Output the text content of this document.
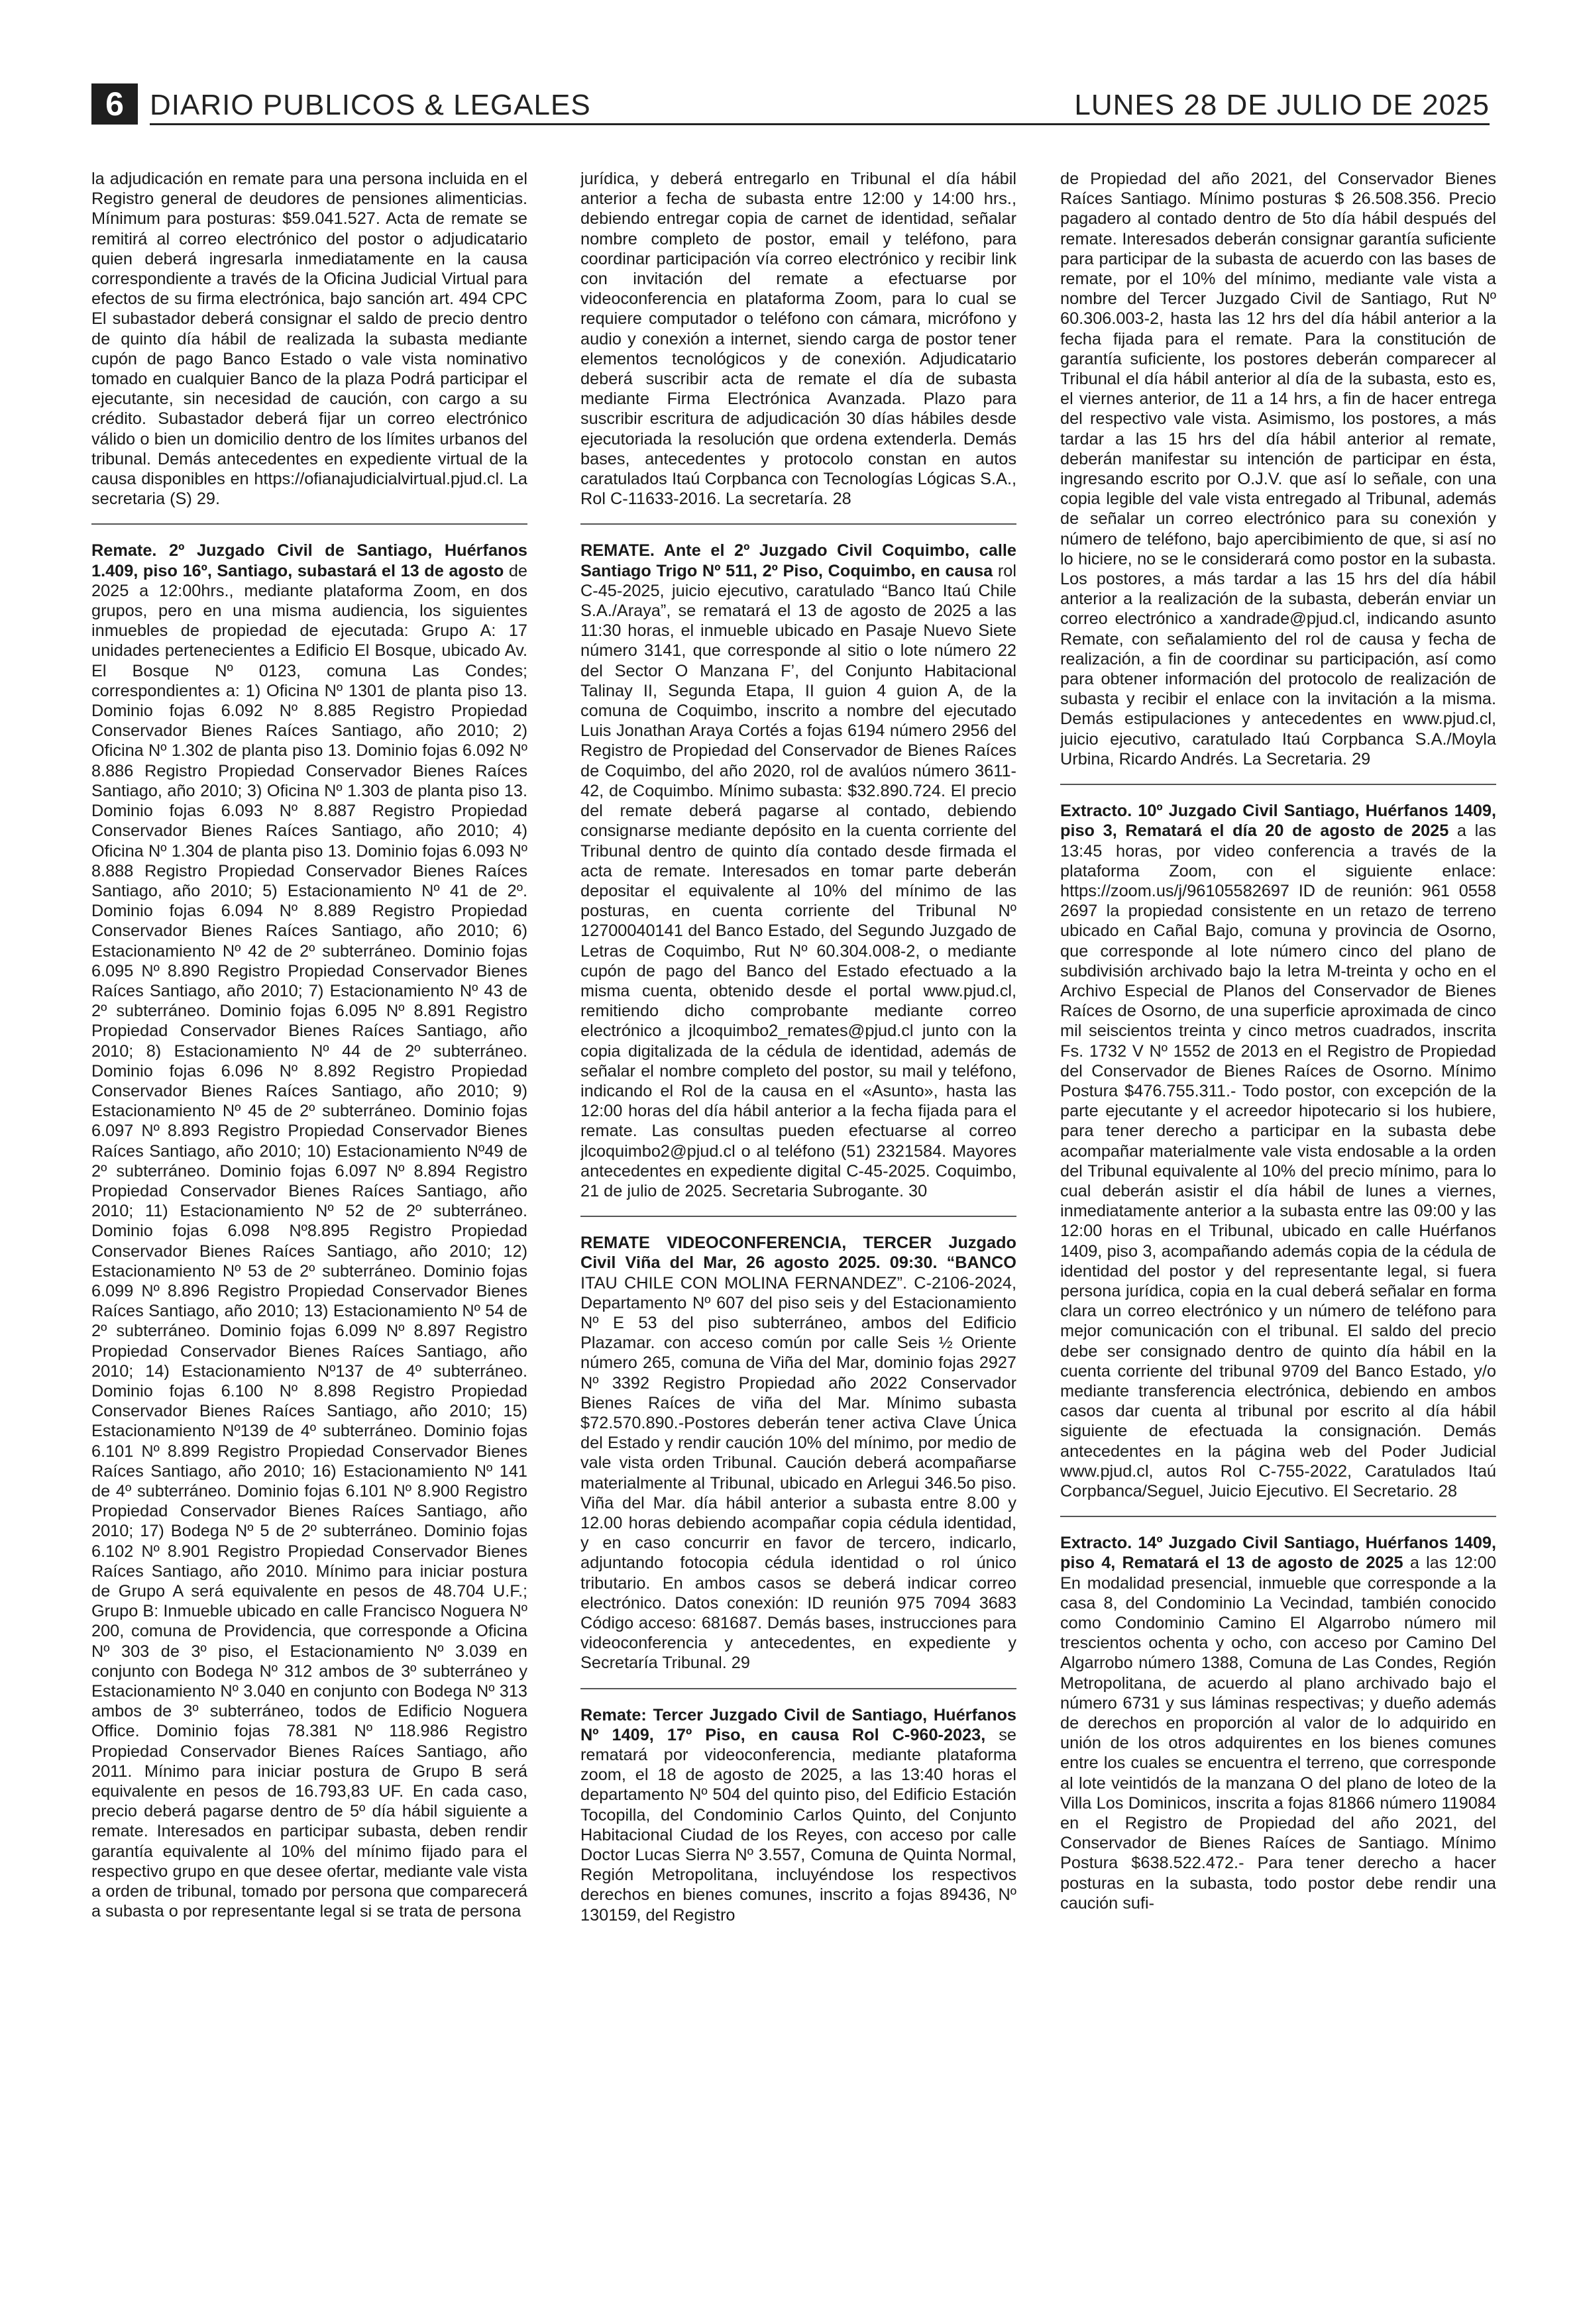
6 DIARIO PUBLICOS & LEGALES	LUNES 28 DE JULIO DE 2025

la adjudicación en remate para una persona incluida en el Registro general de deudores de pensiones alimenticias. Mínimum para posturas: $59.041.527. Acta de remate se remitirá al correo electrónico del postor o adjudicatario quien deberá ingresarla inmediatamente en la causa correspondiente a través de la Oficina Judicial Virtual para efectos de su firma electrónica, bajo sanción art. 494 CPC El subastador deberá consignar el saldo de precio dentro de quinto día hábil de realizada la subasta mediante cupón de pago Banco Estado o vale vista nominativo tomado en cualquier Banco de la plaza Podrá participar el ejecutante, sin necesidad de caución, con cargo a su crédito. Subastador deberá fijar un correo electrónico válido o bien un domicilio dentro de los límites urbanos del tribunal. Demás antecedentes en expediente virtual de la causa disponibles en https://ofianajudicialvirtual.pjud.cl. La secretaria (S) 29.

Remate. 2º Juzgado Civil de Santiago, Huérfanos 1.409, piso 16º, Santiago, subastará el 13 de agosto de 2025 a 12:00hrs., mediante plataforma Zoom, en dos grupos, pero en una misma audiencia, los siguientes inmuebles de propiedad de ejecutada: Grupo A: 17 unidades pertenecientes a Edificio El Bosque, ubicado Av. El Bosque Nº 0123, comuna Las Condes; correspondientes a: 1) Oficina Nº 1301 de planta piso 13. Dominio fojas 6.092 Nº 8.885 Registro Propiedad Conservador Bienes Raíces Santiago, año 2010; 2) Oficina Nº 1.302 de planta piso 13. Dominio fojas 6.092 Nº 8.886 Registro Propiedad Conservador Bienes Raíces Santiago, año 2010; 3) Oficina Nº 1.303 de planta piso 13. Dominio fojas 6.093 Nº 8.887 Registro Propiedad Conservador Bienes Raíces Santiago, año 2010; 4) Oficina Nº 1.304 de planta piso 13. Dominio fojas 6.093 Nº 8.888 Registro Propiedad Conservador Bienes Raíces Santiago, año 2010; 5) Estacionamiento Nº 41 de 2º. Dominio fojas 6.094 Nº 8.889 Registro Propiedad Conservador Bienes Raíces Santiago, año 2010; 6) Estacionamiento Nº 42 de 2º subterráneo. Dominio fojas 6.095 Nº 8.890 Registro Propiedad Conservador Bienes Raíces Santiago, año 2010; 7) Estacionamiento Nº 43 de 2º subterráneo. Dominio fojas 6.095 Nº 8.891 Registro Propiedad Conservador Bienes Raíces Santiago, año 2010; 8) Estacionamiento Nº 44 de 2º subterráneo. Dominio fojas 6.096 Nº 8.892 Registro Propiedad Conservador Bienes Raíces Santiago, año 2010; 9) Estacionamiento Nº 45 de 2º subterráneo. Dominio fojas 6.097 Nº 8.893 Registro Propiedad Conservador Bienes Raíces Santiago, año 2010; 10) Estacionamiento Nº49 de 2º subterráneo. Dominio fojas 6.097 Nº 8.894 Registro Propiedad Conservador Bienes Raíces Santiago, año 2010; 11) Estacionamiento Nº 52 de 2º subterráneo. Dominio fojas 6.098 Nº8.895 Registro Propiedad Conservador Bienes Raíces Santiago, año 2010; 12) Estacionamiento Nº 53 de 2º subterráneo. Dominio fojas 6.099 Nº 8.896 Registro Propiedad Conservador Bienes Raíces Santiago, año 2010; 13) Estacionamiento Nº 54 de 2º subterráneo. Dominio fojas 6.099 Nº 8.897 Registro Propiedad Conservador Bienes Raíces Santiago, año 2010; 14) Estacionamiento Nº137 de 4º subterráneo. Dominio fojas 6.100 Nº 8.898 Registro Propiedad Conservador Bienes Raíces Santiago, año 2010; 15) Estacionamiento Nº139 de 4º subterráneo. Dominio fojas 6.101 Nº 8.899 Registro Propiedad Conservador Bienes Raíces Santiago, año 2010; 16) Estacionamiento Nº 141 de 4º subterráneo. Dominio fojas 6.101 Nº 8.900 Registro Propiedad Conservador Bienes Raíces Santiago, año 2010; 17) Bodega Nº 5 de 2º subterráneo. Dominio fojas 6.102 Nº 8.901 Registro Propiedad Conservador Bienes Raíces Santiago, año 2010. Mínimo para iniciar postura de Grupo A será equivalente en pesos de 48.704 U.F.; Grupo B: Inmueble ubicado en calle Francisco Noguera Nº 200, comuna de Providencia, que corresponde a Oficina Nº 303 de 3º piso, el Estacionamiento Nº 3.039 en conjunto con Bodega Nº 312 ambos de 3º subterráneo y Estacionamiento Nº 3.040 en conjunto con Bodega Nº 313 ambos de 3º subterráneo, todos de Edificio Noguera Office. Dominio fojas 78.381 Nº 118.986 Registro Propiedad Conservador Bienes Raíces Santiago, año 2011. Mínimo para iniciar postura de Grupo B será equivalente en pesos de 16.793,83 UF. En cada caso, precio deberá pagarse dentro de 5º día hábil siguiente a remate. Interesados en participar subasta, deben rendir garantía equivalente al 10% del mínimo fijado para el respectivo grupo en que desee ofertar, mediante vale vista a orden de tribunal, tomado por persona que comparecerá a subasta o por representante legal si se trata de persona

jurídica, y deberá entregarlo en Tribunal el día hábil anterior a fecha de subasta entre 12:00 y 14:00 hrs., debiendo entregar copia de carnet de identidad, señalar nombre completo de postor, email y teléfono, para coordinar participación vía correo electrónico y recibir link con invitación del remate a efectuarse por videoconferencia en plataforma Zoom, para lo cual se requiere computador o teléfono con cámara, micrófono y audio y conexión a internet, siendo carga de postor tener elementos tecnológicos y de conexión. Adjudicatario deberá suscribir acta de remate el día de subasta mediante Firma Electrónica Avanzada. Plazo para suscribir escritura de adjudicación 30 días hábiles desde ejecutoriada la resolución que ordena extenderla. Demás bases, antecedentes y protocolo constan en autos caratulados Itaú Corpbanca con Tecnologías Lógicas S.A., Rol C-11633-2016. La secretaría. 28

REMATE. Ante el 2º Juzgado Civil Coquimbo, calle Santiago Trigo Nº 511, 2º Piso, Coquimbo, en causa rol C-45-2025, juicio ejecutivo, caratulado “Banco Itaú Chile S.A./Araya”, se rematará el 13 de agosto de 2025 a las 11:30 horas, el inmueble ubicado en Pasaje Nuevo Siete número 3141, que corresponde al sitio o lote número 22 del Sector O Manzana F’, del Conjunto Habitacional Talinay II, Segunda Etapa, II guion 4 guion A, de la comuna de Coquimbo, inscrito a nombre del ejecutado Luis Jonathan Araya Cortés a fojas 6194 número 2956 del Registro de Propiedad del Conservador de Bienes Raíces de Coquimbo, del año 2020, rol de avalúos número 3611-42, de Coquimbo. Mínimo subasta: $32.890.724. El precio del remate deberá pagarse al contado, debiendo consignarse mediante depósito en la cuenta corriente del Tribunal dentro de quinto día contado desde firmada el acta de remate. Interesados en tomar parte deberán depositar el equivalente al 10% del mínimo de las posturas, en cuenta corriente del Tribunal Nº 12700040141 del Banco Estado, del Segundo Juzgado de Letras de Coquimbo, Rut Nº 60.304.008-2, o mediante cupón de pago del Banco del Estado efectuado a la misma cuenta, obtenido desde el portal www.pjud.cl, remitiendo dicho comprobante mediante correo electrónico a jlcoquimbo2_remates@pjud.cl junto con la copia digitalizada de la cédula de identidad, además de señalar el nombre completo del postor, su mail y teléfono, indicando el Rol de la causa en el «Asunto», hasta las 12:00 horas del día hábil anterior a la fecha fijada para el remate. Las consultas pueden efectuarse al correo jlcoquimbo2@pjud.cl o al teléfono (51) 2321584. Mayores antecedentes en expediente digital C-45-2025. Coquimbo, 21 de julio de 2025. Secretaria Subrogante. 30

REMATE VIDEOCONFERENCIA, TERCER Juzgado Civil Viña del Mar, 26 agosto 2025. 09:30. “BANCO ITAU CHILE CON MOLINA FERNANDEZ”. C-2106-2024, Departamento Nº 607 del piso seis y del Estacionamiento Nº E 53 del piso subterráneo, ambos del Edificio Plazamar. con acceso común por calle Seis ½ Oriente número 265, comuna de Viña del Mar, dominio fojas 2927 Nº 3392 Registro Propiedad año 2022 Conservador Bienes Raíces de viña del Mar. Mínimo subasta $72.570.890.-Postores deberán tener activa Clave Única del Estado y rendir caución 10% del mínimo, por medio de vale vista orden Tribunal. Caución deberá acompañarse materialmente al Tribunal, ubicado en Arlegui 346.5o piso. Viña del Mar. día hábil anterior a subasta entre 8.00 y 12.00 horas debiendo acompañar copia cédula identidad, y en caso concurrir en favor de tercero, indicarlo, adjuntando fotocopia cédula identidad o rol único tributario. En ambos casos se deberá indicar correo electrónico. Datos conexión: ID reunión 975 7094 3683 Código acceso: 681687. Demás bases, instrucciones para videoconferencia y antecedentes, en expediente y Secretaría Tribunal. 29

Remate: Tercer Juzgado Civil de Santiago, Huérfanos Nº 1409, 17º Piso, en causa Rol C-960-2023, se rematará por videoconferencia, mediante plataforma zoom, el 18 de agosto de 2025, a las 13:40 horas el departamento Nº 504 del quinto piso, del Edificio Estación Tocopilla, del Condominio Carlos Quinto, del Conjunto Habitacional Ciudad de los Reyes, con acceso por calle Doctor Lucas Sierra Nº 3.557, Comuna de Quinta Normal, Región Metropolitana, incluyéndose los respectivos derechos en bienes comunes, inscrito a fojas 89436, Nº 130159, del Registro

de Propiedad del año 2021, del Conservador Bienes Raíces Santiago. Mínimo posturas $ 26.508.356. Precio pagadero al contado dentro de 5to día hábil después del remate. Interesados deberán consignar garantía suficiente para participar de la subasta de acuerdo con las bases de remate, por el 10% del mínimo, mediante vale vista a nombre del Tercer Juzgado Civil de Santiago, Rut Nº 60.306.003-2, hasta las 12 hrs del día hábil anterior a la fecha fijada para el remate. Para la constitución de garantía suficiente, los postores deberán comparecer al Tribunal el día hábil anterior al día de la subasta, esto es, el viernes anterior, de 11 a 14 hrs, a fin de hacer entrega del respectivo vale vista. Asimismo, los postores, a más tardar a las 15 hrs del día hábil anterior al remate, deberán manifestar su intención de participar en ésta, ingresando escrito por O.J.V. que así lo señale, con una copia legible del vale vista entregado al Tribunal, además de señalar un correo electrónico para su conexión y número de teléfono, bajo apercibimiento de que, si así no lo hiciere, no se le considerará como postor en la subasta. Los postores, a más tardar a las 15 hrs del día hábil anterior a la realización de la subasta, deberán enviar un correo electrónico a xandrade@pjud.cl, indicando asunto Remate, con señalamiento del rol de causa y fecha de realización, a fin de coordinar su participación, así como para obtener información del protocolo de realización de subasta y recibir el enlace con la invitación a la misma. Demás estipulaciones y antecedentes en www.pjud.cl, juicio ejecutivo, caratulado Itaú Corpbanca S.A./Moyla Urbina, Ricardo Andrés. La Secretaria. 29

Extracto. 10º Juzgado Civil Santiago, Huérfanos 1409, piso 3, Rematará el día 20 de agosto de 2025 a las 13:45 horas, por video conferencia a través de la plataforma Zoom, con el siguiente enlace: https://zoom.us/j/96105582697 ID de reunión: 961 0558 2697 la propiedad consistente en un retazo de terreno ubicado en Cañal Bajo, comuna y provincia de Osorno, que corresponde al lote número cinco del plano de subdivisión archivado bajo la letra M-treinta y ocho en el Archivo Especial de Planos del Conservador de Bienes Raíces de Osorno, de una superficie aproximada de cinco mil seiscientos treinta y cinco metros cuadrados, inscrita Fs. 1732 V Nº 1552 de 2013 en el Registro de Propiedad del Conservador de Bienes Raíces de Osorno. Mínimo Postura $476.755.311.- Todo postor, con excepción de la parte ejecutante y el acreedor hipotecario si los hubiere, para tener derecho a participar en la subasta debe acompañar materialmente vale vista endosable a la orden del Tribunal equivalente al 10% del precio mínimo, para lo cual deberán asistir el día hábil de lunes a viernes, inmediatamente anterior a la subasta entre las 09:00 y las 12:00 horas en el Tribunal, ubicado en calle Huérfanos 1409, piso 3, acompañando además copia de la cédula de identidad del postor y del representante legal, si fuera persona jurídica, copia en la cual deberá señalar en forma clara un correo electrónico y un número de teléfono para mejor comunicación con el tribunal. El saldo del precio debe ser consignado dentro de quinto día hábil en la cuenta corriente del tribunal 9709 del Banco Estado, y/o mediante transferencia electrónica, debiendo en ambos casos dar cuenta al tribunal por escrito al día hábil siguiente de efectuada la consignación. Demás antecedentes en la página web del Poder Judicial www.pjud.cl, autos Rol C-755-2022, Caratulados Itaú Corpbanca/Seguel, Juicio Ejecutivo. El Secretario. 28

Extracto. 14º Juzgado Civil Santiago, Huérfanos 1409, piso 4, Rematará el 13 de agosto de 2025 a las 12:00 En modalidad presencial, inmueble que corresponde a la casa 8, del Condominio La Vecindad, también conocido como Condominio Camino El Algarrobo número mil trescientos ochenta y ocho, con acceso por Camino Del Algarrobo número 1388, Comuna de Las Condes, Región Metropolitana, de acuerdo al plano archivado bajo el número 6731 y sus láminas respectivas; y dueño además de derechos en proporción al valor de lo adquirido en unión de los otros adquirentes en los bienes comunes entre los cuales se encuentra el terreno, que corresponde al lote veintidós de la manzana O del plano de loteo de la Villa Los Dominicos, inscrita a fojas 81866 número 119084 en el Registro de Propiedad del año 2021, del Conservador de Bienes Raíces de Santiago. Mínimo Postura $638.522.472.- Para tener derecho a hacer posturas en la subasta, todo postor debe rendir una caución sufi-
